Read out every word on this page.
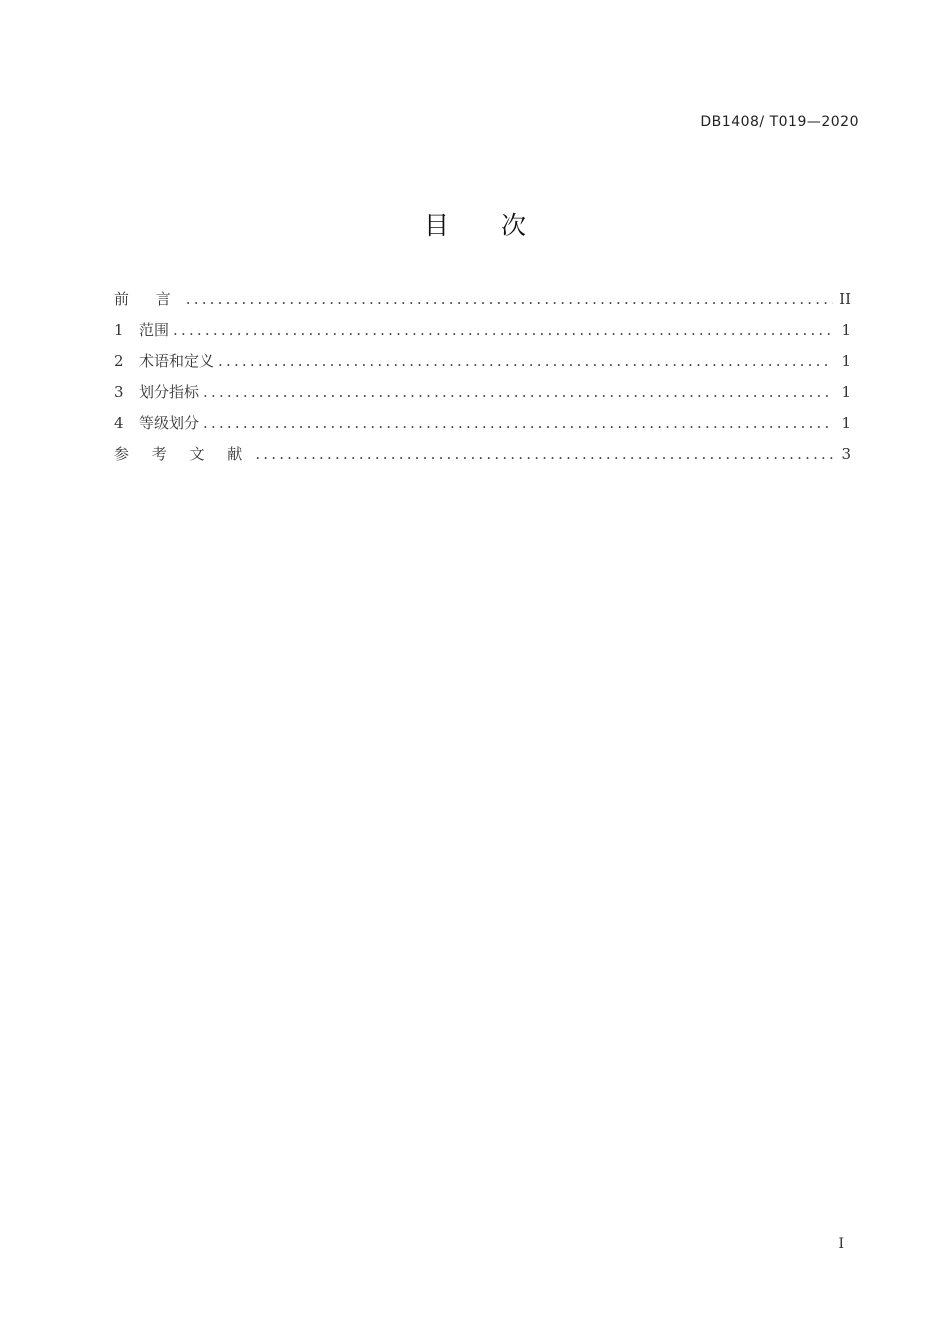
DB1408/ T019—2020
目 次
前 言 .....	II
1	范围 .....	1
2	术语和定义 .....	1
3	划分指标 .....	1
4	等级划分 .....	1
参 考 文 献 .....	3
I
